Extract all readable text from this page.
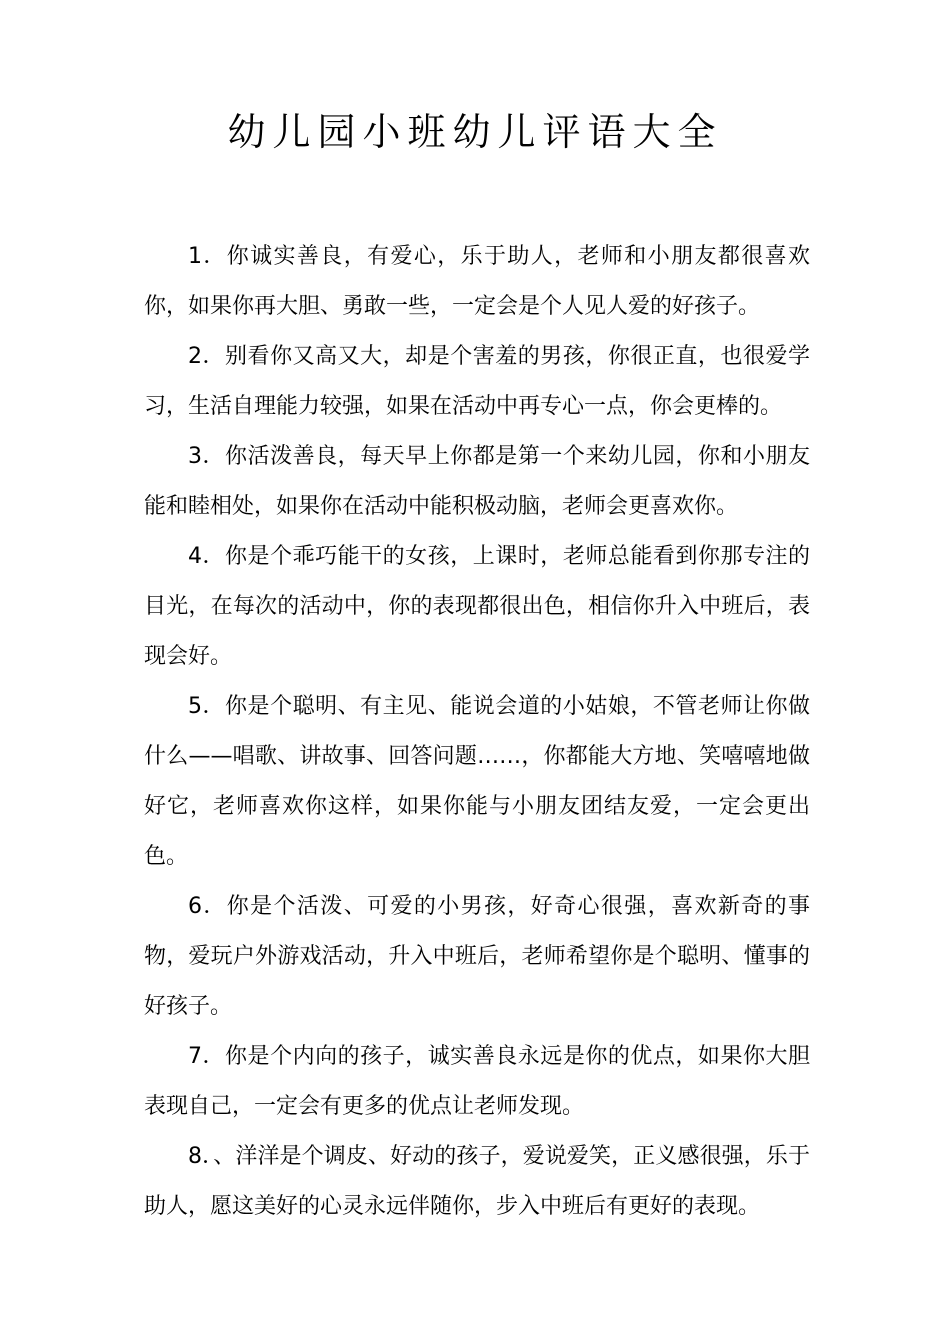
幼儿园小班幼儿评语大全

1．你诚实善良，有爱心，乐于助人，老师和小朋友都很喜欢你，如果你再大胆、勇敢一些，一定会是个人见人爱的好孩子。

2．别看你又高又大，却是个害羞的男孩，你很正直，也很爱学习，生活自理能力较强，如果在活动中再专心一点，你会更棒的。

3．你活泼善良，每天早上你都是第一个来幼儿园，你和小朋友能和睦相处，如果你在活动中能积极动脑，老师会更喜欢你。

4．你是个乖巧能干的女孩，上课时，老师总能看到你那专注的目光，在每次的活动中，你的表现都很出色，相信你升入中班后，表现会好。

5．你是个聪明、有主见、能说会道的小姑娘，不管老师让你做什么——唱歌、讲故事、回答问题……，你都能大方地、笑嘻嘻地做好它，老师喜欢你这样，如果你能与小朋友团结友爱，一定会更出色。

6．你是个活泼、可爱的小男孩，好奇心很强，喜欢新奇的事物，爱玩户外游戏活动，升入中班后，老师希望你是个聪明、懂事的好孩子。

7．你是个内向的孩子，诚实善良永远是你的优点，如果你大胆表现自己，一定会有更多的优点让老师发现。

8．、洋洋是个调皮、好动的孩子，爱说爱笑，正义感很强，乐于助人，愿这美好的心灵永远伴随你，步入中班后有更好的表现。
